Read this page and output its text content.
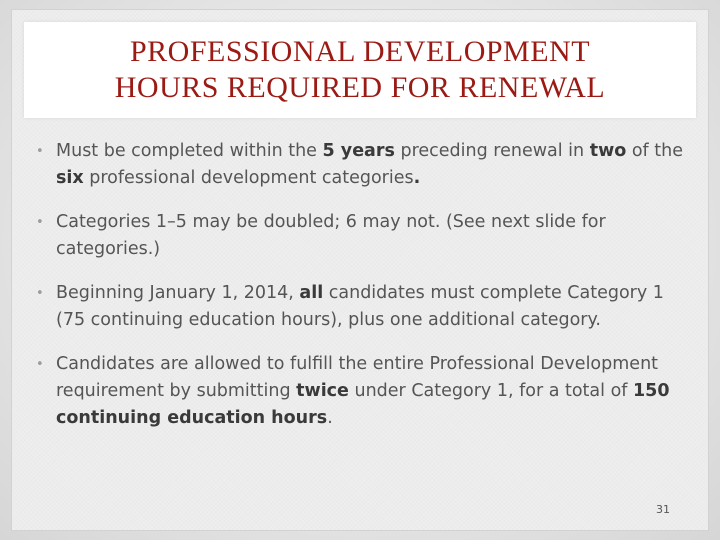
PROFESSIONAL DEVELOPMENT
HOURS REQUIRED FOR RENEWAL
• Must be completed within the 5 years preceding renewal in two of the six professional development categories.
• Categories 1–5 may be doubled; 6 may not. (See next slide for categories.)
• Beginning January 1, 2014, all candidates must complete Category 1 (75 continuing education hours), plus one additional category.
• Candidates are allowed to fulfill the entire Professional Development requirement by submitting twice under Category 1, for a total of 150 continuing education hours.
31
